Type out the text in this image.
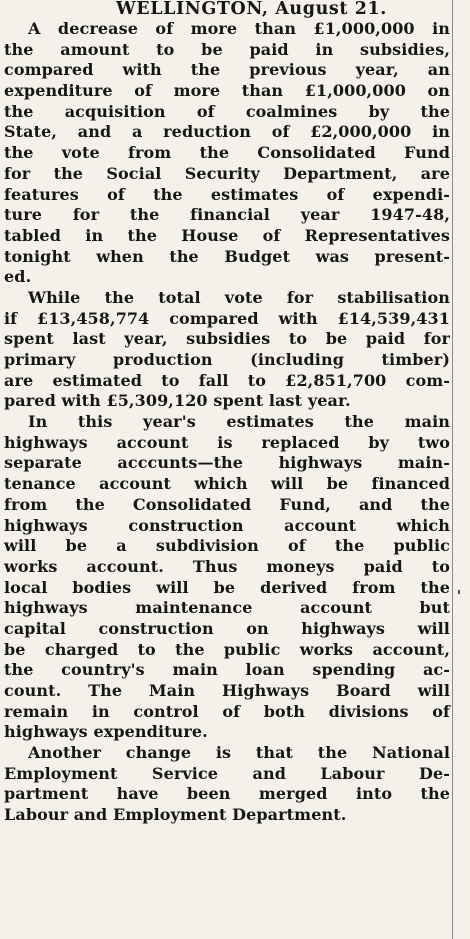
WELLINGTON, August 21.

A decrease of more than £1,000,000 in
the amount to be paid in subsidies,
compared with the previous year, an
expenditure of more than £1,000,000 on
the acquisition of coalmines by the
State, and a reduction of £2,000,000 in
the vote from the Consolidated Fund
for the Social Security Department, are
features of the estimates of expendi-
ture for the financial year 1947-48,
tabled in the House of Representatives
tonight when the Budget was present-
ed.

While the total vote for stabilisation
if £13,458,774 compared with £14,539,431
spent last year, subsidies to be paid for
primary production (including timber)
are estimated to fall to £2,851,700 com-
pared with £5,309,120 spent last year.

In this year's estimates the main
highways account is replaced by two
separate acccunts—the highways main-
tenance account which will be financed
from the Consolidated Fund, and the
highways construction account which
will be a subdivision of the public
works account. Thus moneys paid to
local bodies will be derived from the
highways maintenance account but
capital construction on highways will
be charged to the public works account,
the country's main loan spending ac-
count. The Main Highways Board will
remain in control of both divisions of
highways expenditure.

Another change is that the National
Employment Service and Labour De-
partment have been merged into the
Labour and Employment Department.
